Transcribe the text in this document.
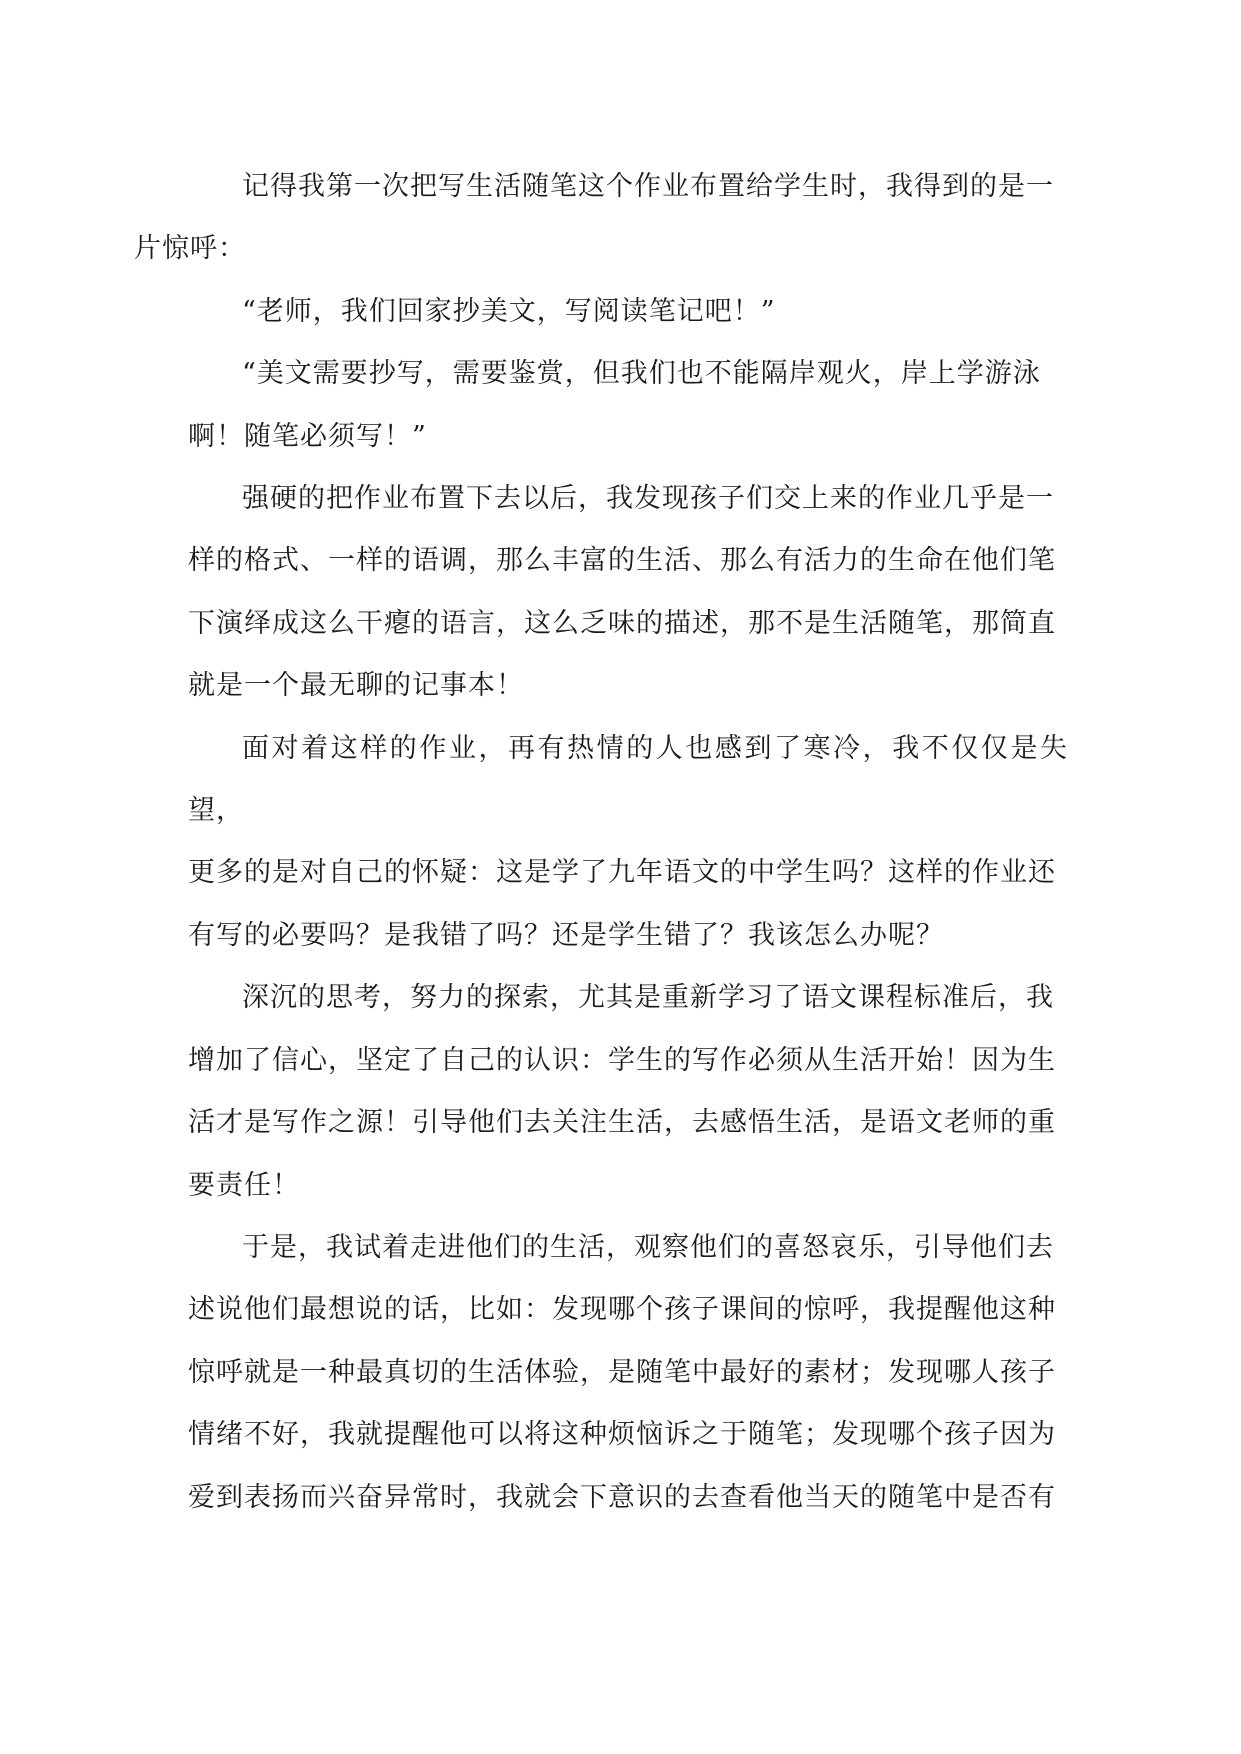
记得我第一次把写生活随笔这个作业布置给学生时，我得到的是一
片惊呼：

“老师，我们回家抄美文，写阅读笔记吧！”

“美文需要抄写，需要鉴赏，但我们也不能隔岸观火，岸上学游泳
啊！随笔必须写！”

强硬的把作业布置下去以后，我发现孩子们交上来的作业几乎是一
样的格式、一样的语调，那么丰富的生活、那么有活力的生命在他们笔
下演绎成这么干瘪的语言，这么乏味的描述，那不是生活随笔，那简直
就是一个最无聊的记事本！

面对着这样的作业，再有热情的人也感到了寒冷，我不仅仅是失望，
更多的是对自己的怀疑：这是学了九年语文的中学生吗？这样的作业还
有写的必要吗？是我错了吗？还是学生错了？我该怎么办呢？

深沉的思考，努力的探索，尤其是重新学习了语文课程标准后，我
增加了信心，坚定了自己的认识：学生的写作必须从生活开始！因为生
活才是写作之源！引导他们去关注生活，去感悟生活，是语文老师的重
要责任！

于是，我试着走进他们的生活，观察他们的喜怒哀乐，引导他们去
述说他们最想说的话，比如：发现哪个孩子课间的惊呼，我提醒他这种
惊呼就是一种最真切的生活体验，是随笔中最好的素材；发现哪人孩子
情绪不好，我就提醒他可以将这种烦恼诉之于随笔；发现哪个孩子因为
爱到表扬而兴奋异常时，我就会下意识的去查看他当天的随笔中是否有
